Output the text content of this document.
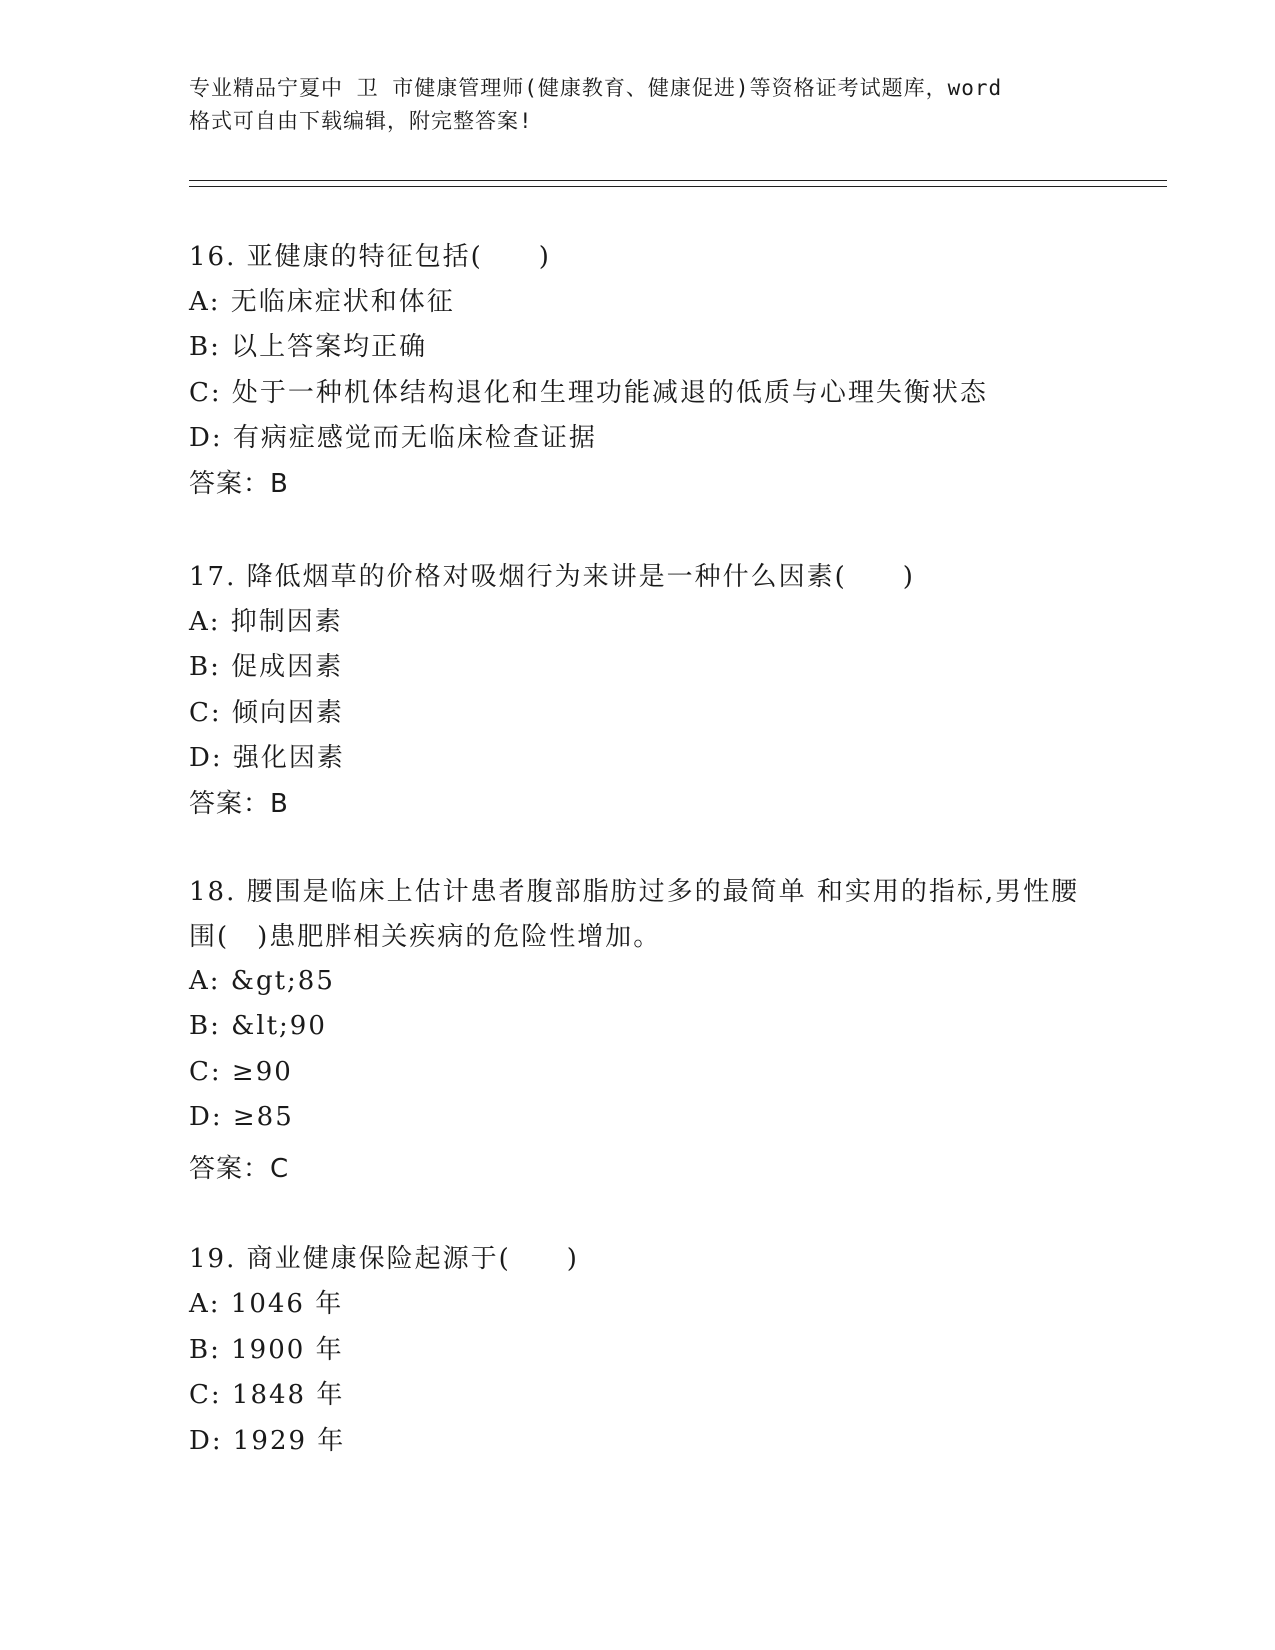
专业精品宁夏中 卫 市健康管理师(健康教育、健康促进)等资格证考试题库，word
格式可自由下载编辑，附完整答案!
16. 亚健康的特征包括(　　)
A: 无临床症状和体征
B: 以上答案均正确
C: 处于一种机体结构退化和生理功能减退的低质与心理失衡状态
D: 有病症感觉而无临床检查证据
答案：B
17. 降低烟草的价格对吸烟行为来讲是一种什么因素(　　)
A: 抑制因素
B: 促成因素
C: 倾向因素
D: 强化因素
答案：B
18. 腰围是临床上估计患者腹部脂肪过多的最简单 和实用的指标,男性腰围(　)患肥胖相关疾病的危险性增加。
A: &gt;85
B: &lt;90
C: ≥90
D: ≥85
答案：C
19. 商业健康保险起源于(　　)
A: 1046 年
B: 1900 年
C: 1848 年
D: 1929 年
